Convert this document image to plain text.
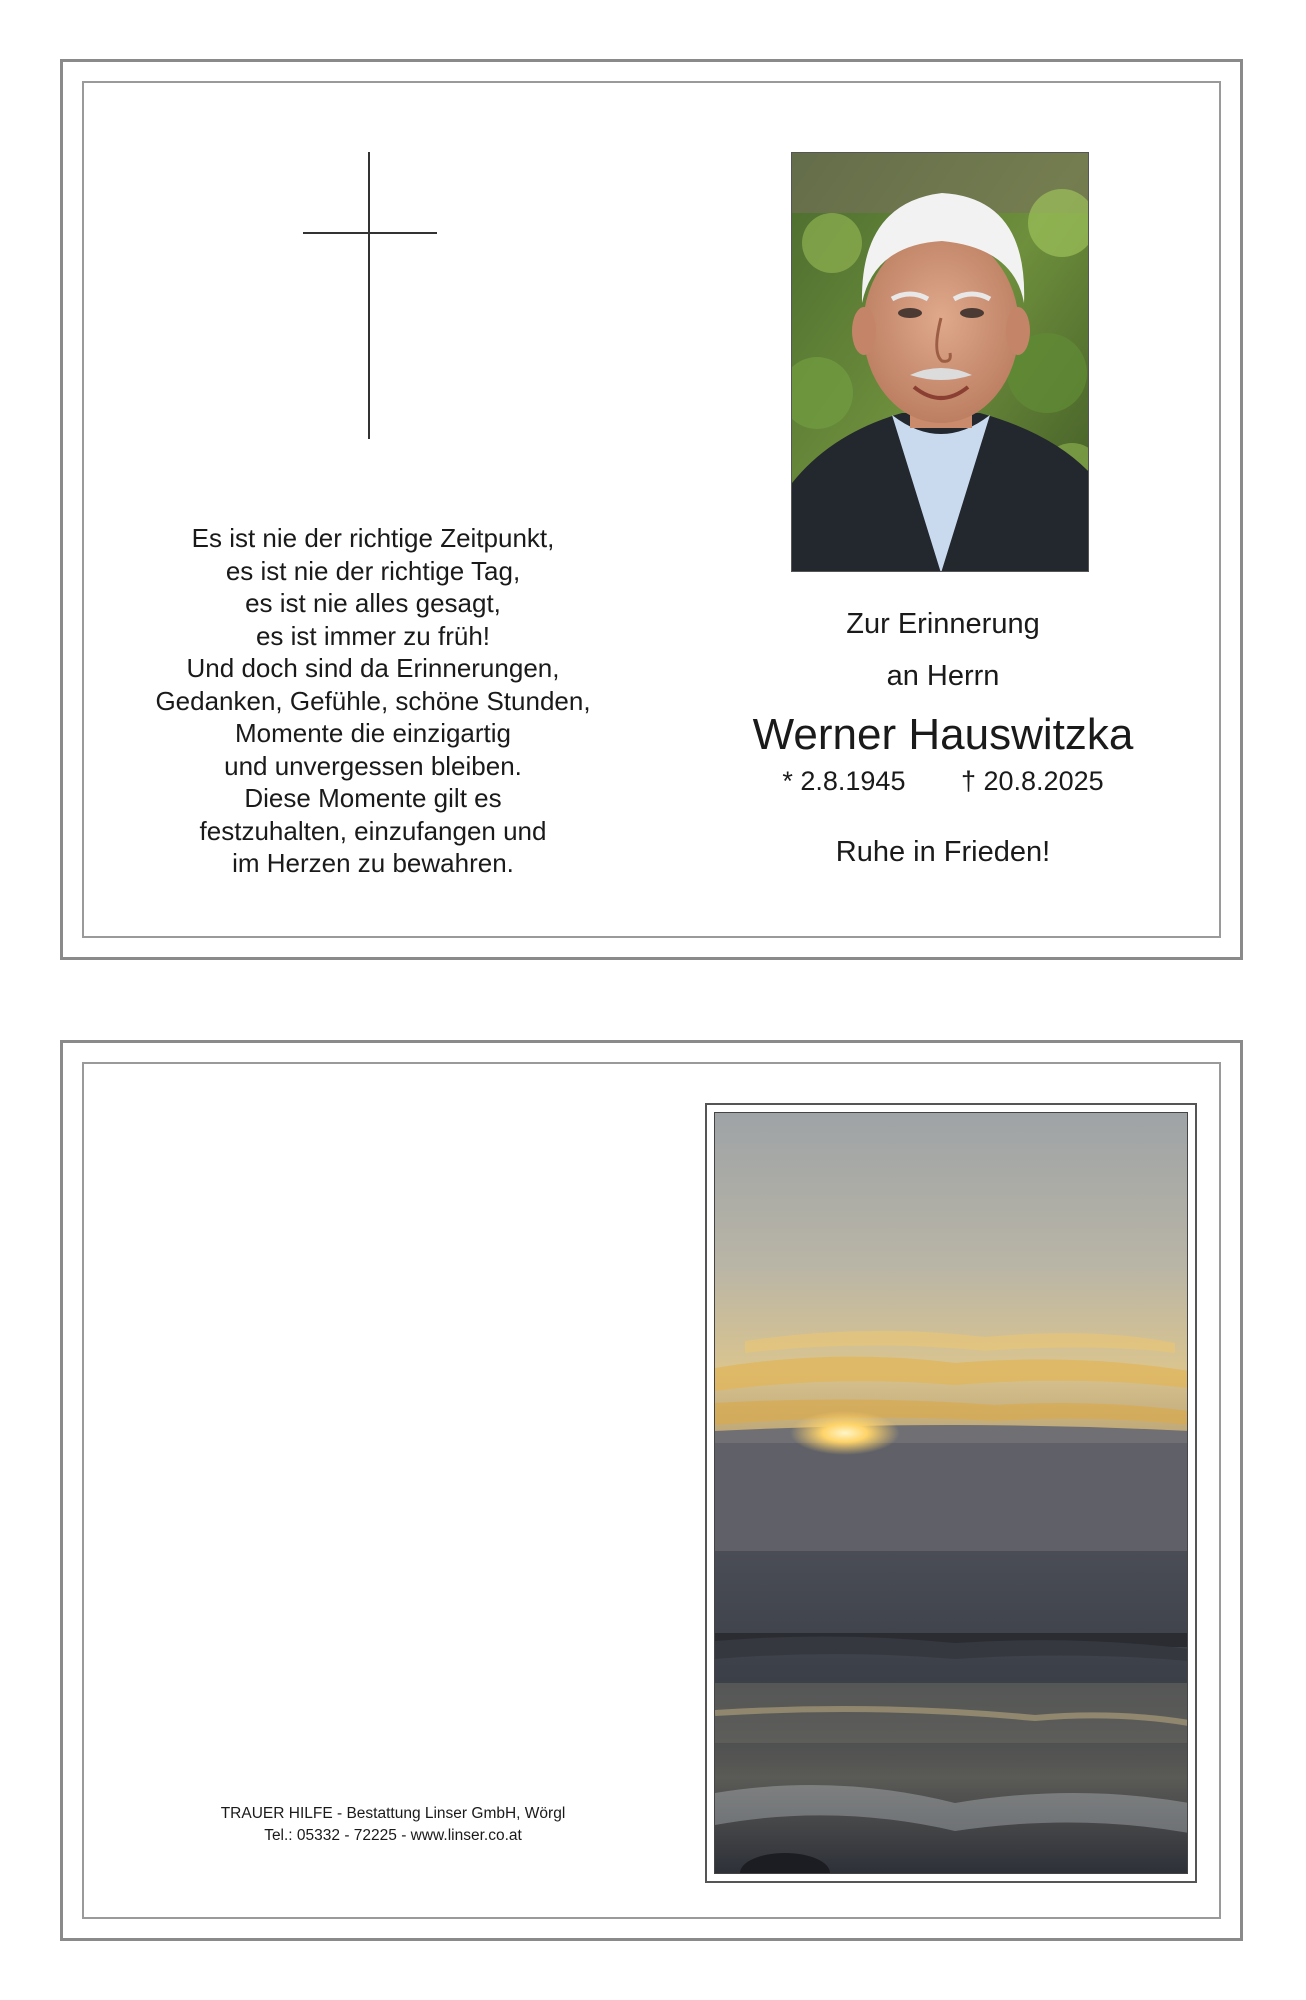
Es ist nie der richtige Zeitpunkt,
es ist nie der richtige Tag,
es ist nie alles gesagt,
es ist immer zu früh!
Und doch sind da Erinnerungen,
Gedanken, Gefühle, schöne Stunden,
Momente die einzigartig
und unvergessen bleiben.
Diese Momente gilt es
festzuhalten, einzufangen und
im Herzen zu bewahren.
Zur Erinnerung
an Herrn
Werner Hauswitzka
* 2.8.1945 † 20.8.2025
Ruhe in Frieden!
TRAUER HILFE - Bestattung Linser GmbH, Wörgl
Tel.: 05332 - 72225 - www.linser.co.at
